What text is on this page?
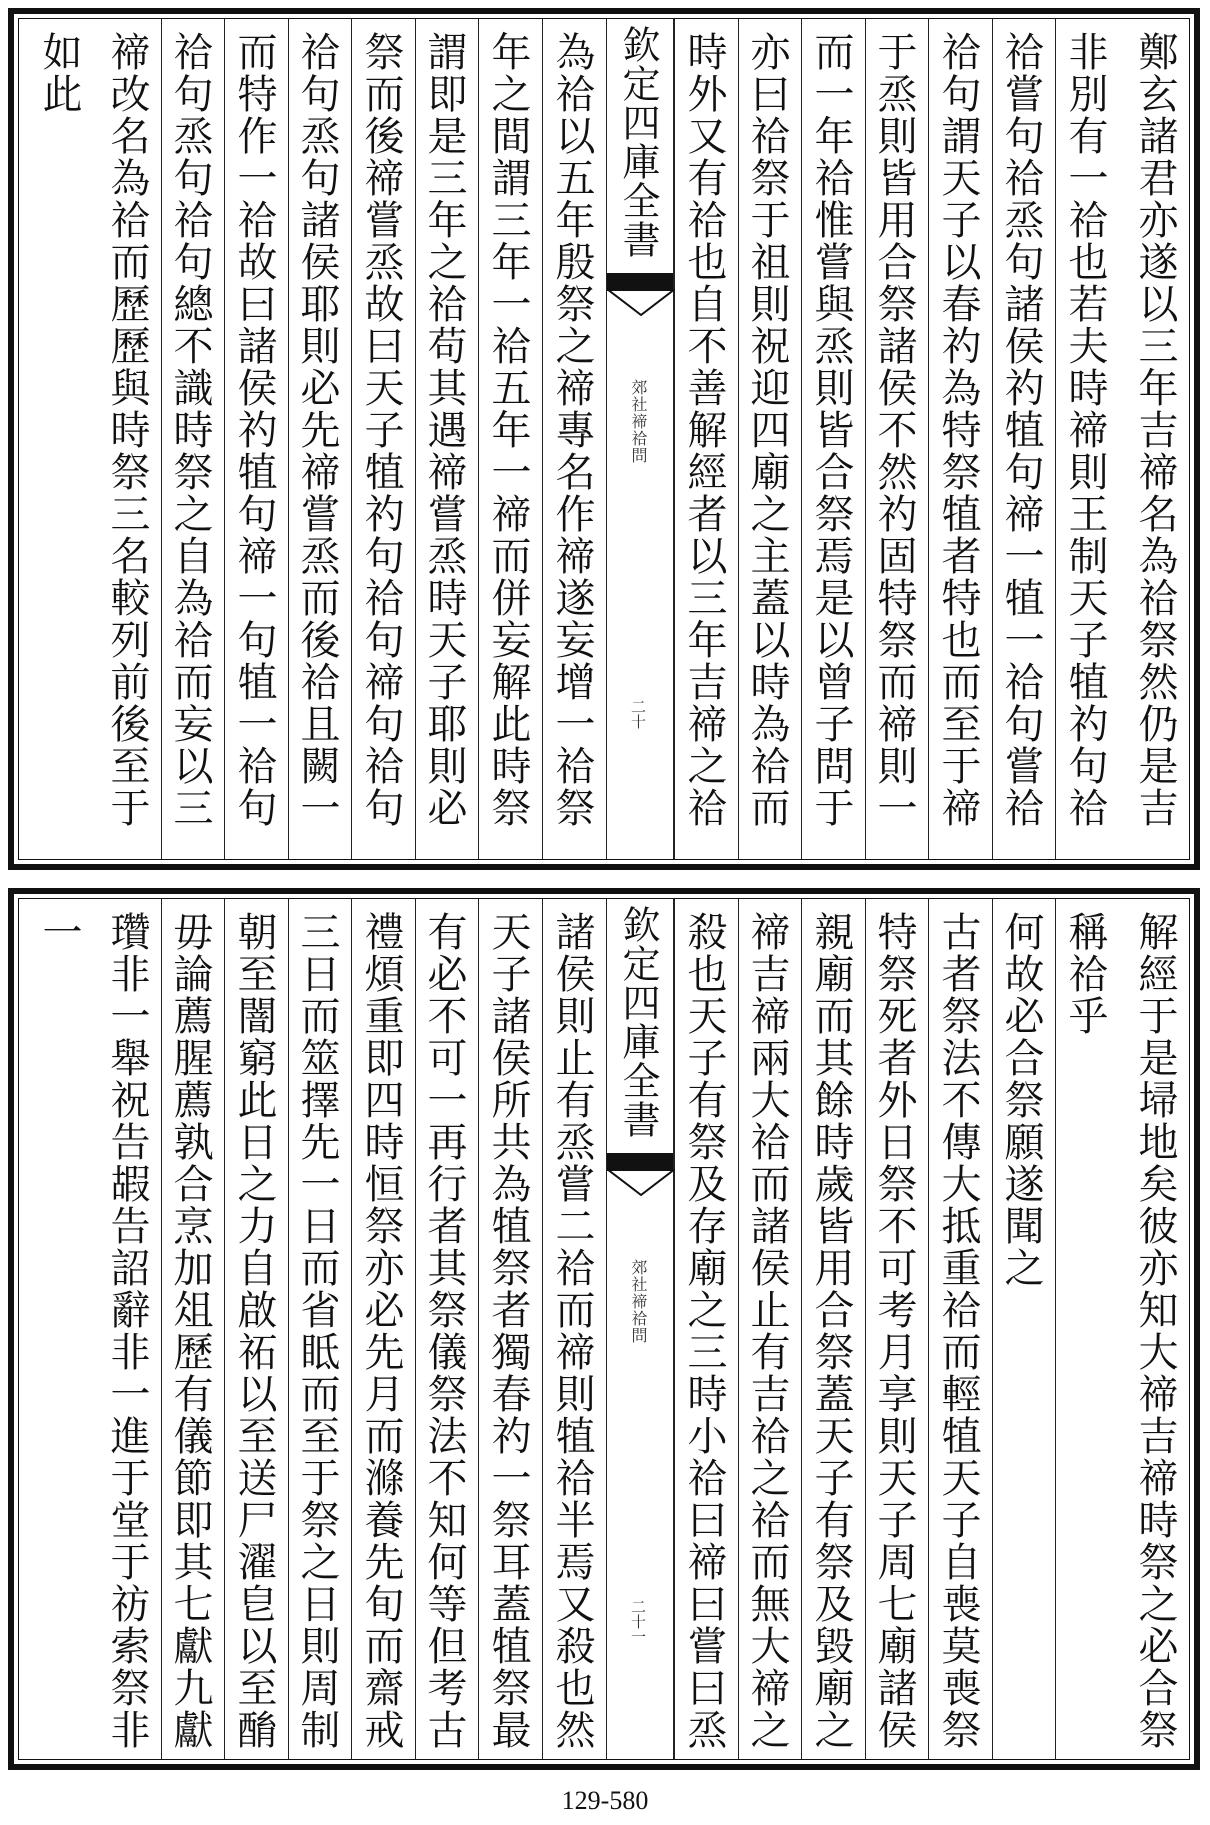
鄭玄諸君亦遂以三年吉禘名為祫祭然仍是吉
非別有一祫也若夫時禘則王制天子犆礿句祫
祫嘗句祫烝句諸侯礿犆句禘一犆一祫句嘗祫
祫句謂天子以春礿為特祭犆者特也而至于禘
于烝則皆用合祭諸侯不然礿固特祭而禘則一
而一年祫惟嘗與烝則皆合祭焉是以曾子問于
亦曰祫祭于祖則祝迎四廟之主蓋以時為祫而
時外又有祫也自不善解經者以三年吉禘之祫
欽定四庫全書
郊社禘祫問
二十
為祫以五年殷祭之禘專名作禘遂妄增一祫祭
年之間謂三年一祫五年一禘而併妄解此時祭
謂即是三年之祫苟其遇禘嘗烝時天子耶則必
祭而後禘嘗烝故曰天子犆礿句祫句禘句祫句
祫句烝句諸侯耶則必先禘嘗烝而後祫且闕一
而特作一祫故曰諸侯礿犆句禘一句犆一祫句
祫句烝句祫句總不識時祭之自為祫而妄以三
禘改名為祫而歷歷與時祭三名較列前後至于如此
解經于是埽地矣彼亦知大禘吉禘時祭之必合祭
稱祫乎
何故必合祭願遂聞之
古者祭法不傳大抵重祫而輕犆天子自喪莫喪祭
特祭死者外日祭不可考月享則天子周七廟諸侯
親廟而其餘時歲皆用合祭蓋天子有祭及毀廟之
禘吉禘兩大祫而諸侯止有吉祫之祫而無大禘之
殺也天子有祭及存廟之三時小祫曰禘曰嘗曰烝
欽定四庫全書
郊社禘祫問
二十一
諸侯則止有烝嘗二祫而禘則犆祫半焉又殺也然
天子諸侯所共為犆祭者獨春礿一祭耳蓋犆祭最
有必不可一再行者其祭儀祭法不知何等但考古
禮煩重即四時恒祭亦必先月而滌養先旬而齋戒
三日而筮擇先一日而省眡而至于祭之日則周制
朝至闇窮此日之力自啟祏以至送尸濯皀以至酳
毋論薦腥薦孰合烹加俎歷有儀節即其七獻九獻
瓚非一舉祝告嘏告詔辭非一進于堂于祊索祭非一
129-580
